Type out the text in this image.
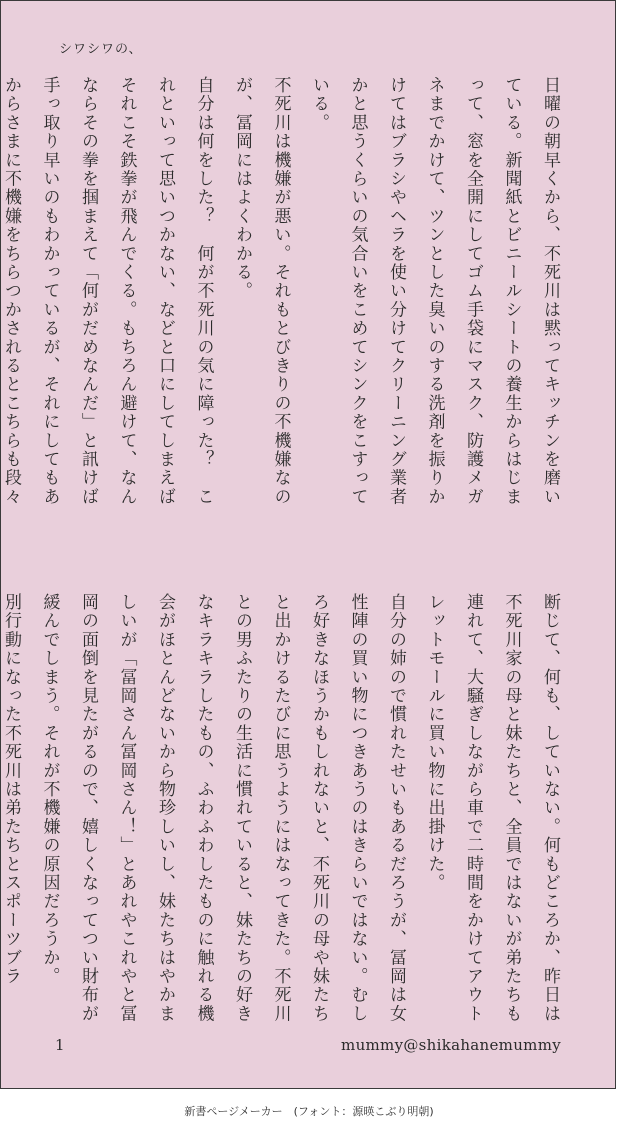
シワシワの、

日曜の朝早くから、不死川は黙ってキッチンを磨いている。新聞紙とビニールシートの養生からはじまって、窓を全開にしてゴム手袋にマスク、防護メガネまでかけて、ツンとした臭いのする洗剤を振りかけてはブラシやヘラを使い分けてクリーニング業者かと思うくらいの気合いをこめてシンクをこすっている。

不死川は機嫌が悪い。それもとびきりの不機嫌なのが、冨岡にはよくわかる。

自分は何をした？　何が不死川の気に障った？　これといって思いつかない、などと口にしてしまえばそれこそ鉄拳が飛んでくる。もちろん避けて、なんならその拳を掴まえて「何がだめなんだ」と訊けば手っ取り早いのもわかっているが、それにしてもあからさまに不機嫌をちらつかされるとこちらも段々

断じて、何も、していない。何もどころか、昨日は不死川家の母と妹たちと、全員ではないが弟たちも連れて、大騒ぎしながら車で二時間をかけてアウトレットモールに買い物に出掛けた。

自分の姉ので慣れたせいもあるだろうが、冨岡は女性陣の買い物につきあうのはきらいではない。むしろ好きなほうかもしれないと、不死川の母や妹たちと出かけるたびに思うようにはなってきた。不死川との男ふたりの生活に慣れていると、妹たちの好きなキラキラしたもの、ふわふわしたものに触れる機会がほとんどないから物珍しいし、妹たちはやかましいが「冨岡さん冨岡さん！」とあれやこれやと冨岡の面倒を見たがるので、嬉しくなってつい財布が緩んでしまう。それが不機嫌の原因だろうか。

別行動になった不死川は弟たちとスポーツブラ

1	mummy@shikahanemummy
新書ページメーカー　(フォント：源暎こぶり明朝)
